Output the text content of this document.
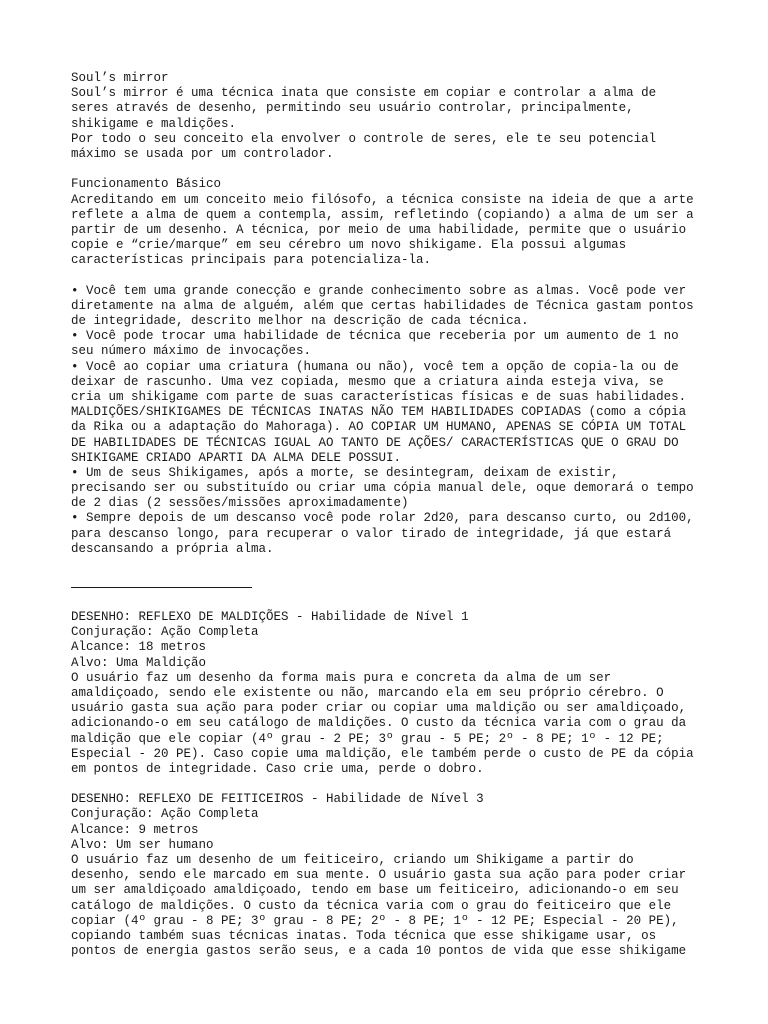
Soul’s mirror
Soul’s mirror é uma técnica inata que consiste em copiar e controlar a alma de
seres através de desenho, permitindo seu usuário controlar, principalmente,
shikigame e maldições.
Por todo o seu conceito ela envolver o controle de seres, ele te seu potencial
máximo se usada por um controlador.
Funcionamento Básico
Acreditando em um conceito meio filósofo, a técnica consiste na ideia de que a arte
reflete a alma de quem a contempla, assim, refletindo (copiando) a alma de um ser a
partir de um desenho. A técnica, por meio de uma habilidade, permite que o usuário
copie e “crie/marque” em seu cérebro um novo shikigame. Ela possui algumas
características principais para potencializa-la.
• Você tem uma grande conecção e grande conhecimento sobre as almas. Você pode ver
diretamente na alma de alguém, além que certas habilidades de Técnica gastam pontos
de integridade, descrito melhor na descrição de cada técnica.
• Você pode trocar uma habilidade de técnica que receberia por um aumento de 1 no
seu número máximo de invocações.
• Você ao copiar uma criatura (humana ou não), você tem a opção de copia-la ou de
deixar de rascunho. Uma vez copiada, mesmo que a criatura ainda esteja viva, se
cria um shikigame com parte de suas características físicas e de suas habilidades.
MALDIÇÕES/SHIKIGAMES DE TÉCNICAS INATAS NÃO TEM HABILIDADES COPIADAS (como a cópia
da Rika ou a adaptação do Mahoraga). AO COPIAR UM HUMANO, APENAS SE CÓPIA UM TOTAL
DE HABILIDADES DE TÉCNICAS IGUAL AO TANTO DE AÇÕES/ CARACTERÍSTICAS QUE O GRAU DO
SHIKIGAME CRIADO APARTI DA ALMA DELE POSSUI.
• Um de seus Shikigames, após a morte, se desintegram, deixam de existir,
precisando ser ou substituído ou criar uma cópia manual dele, oque demorará o tempo
de 2 dias (2 sessões/missões aproximadamente)
• Sempre depois de um descanso você pode rolar 2d20, para descanso curto, ou 2d100,
para descanso longo, para recuperar o valor tirado de integridade, já que estará
descansando a própria alma.
DESENHO: REFLEXO DE MALDIÇÕES - Habilidade de Nível 1
Conjuração: Ação Completa
Alcance: 18 metros
Alvo: Uma Maldição
O usuário faz um desenho da forma mais pura e concreta da alma de um ser
amaldiçoado, sendo ele existente ou não, marcando ela em seu próprio cérebro. O
usuário gasta sua ação para poder criar ou copiar uma maldição ou ser amaldiçoado,
adicionando-o em seu catálogo de maldições. O custo da técnica varia com o grau da
maldição que ele copiar (4º grau - 2 PE; 3º grau - 5 PE; 2º - 8 PE; 1º - 12 PE;
Especial - 20 PE). Caso copie uma maldição, ele também perde o custo de PE da cópia
em pontos de integridade. Caso crie uma, perde o dobro.
DESENHO: REFLEXO DE FEITICEIROS - Habilidade de Nível 3
Conjuração: Ação Completa
Alcance: 9 metros
Alvo: Um ser humano
O usuário faz um desenho de um feiticeiro, criando um Shikigame a partir do
desenho, sendo ele marcado em sua mente. O usuário gasta sua ação para poder criar
um ser amaldiçoado amaldiçoado, tendo em base um feiticeiro, adicionando-o em seu
catálogo de maldições. O custo da técnica varia com o grau do feiticeiro que ele
copiar (4º grau - 8 PE; 3º grau - 8 PE; 2º - 8 PE; 1º - 12 PE; Especial - 20 PE),
copiando também suas técnicas inatas. Toda técnica que esse shikigame usar, os
pontos de energia gastos serão seus, e a cada 10 pontos de vida que esse shikigame
